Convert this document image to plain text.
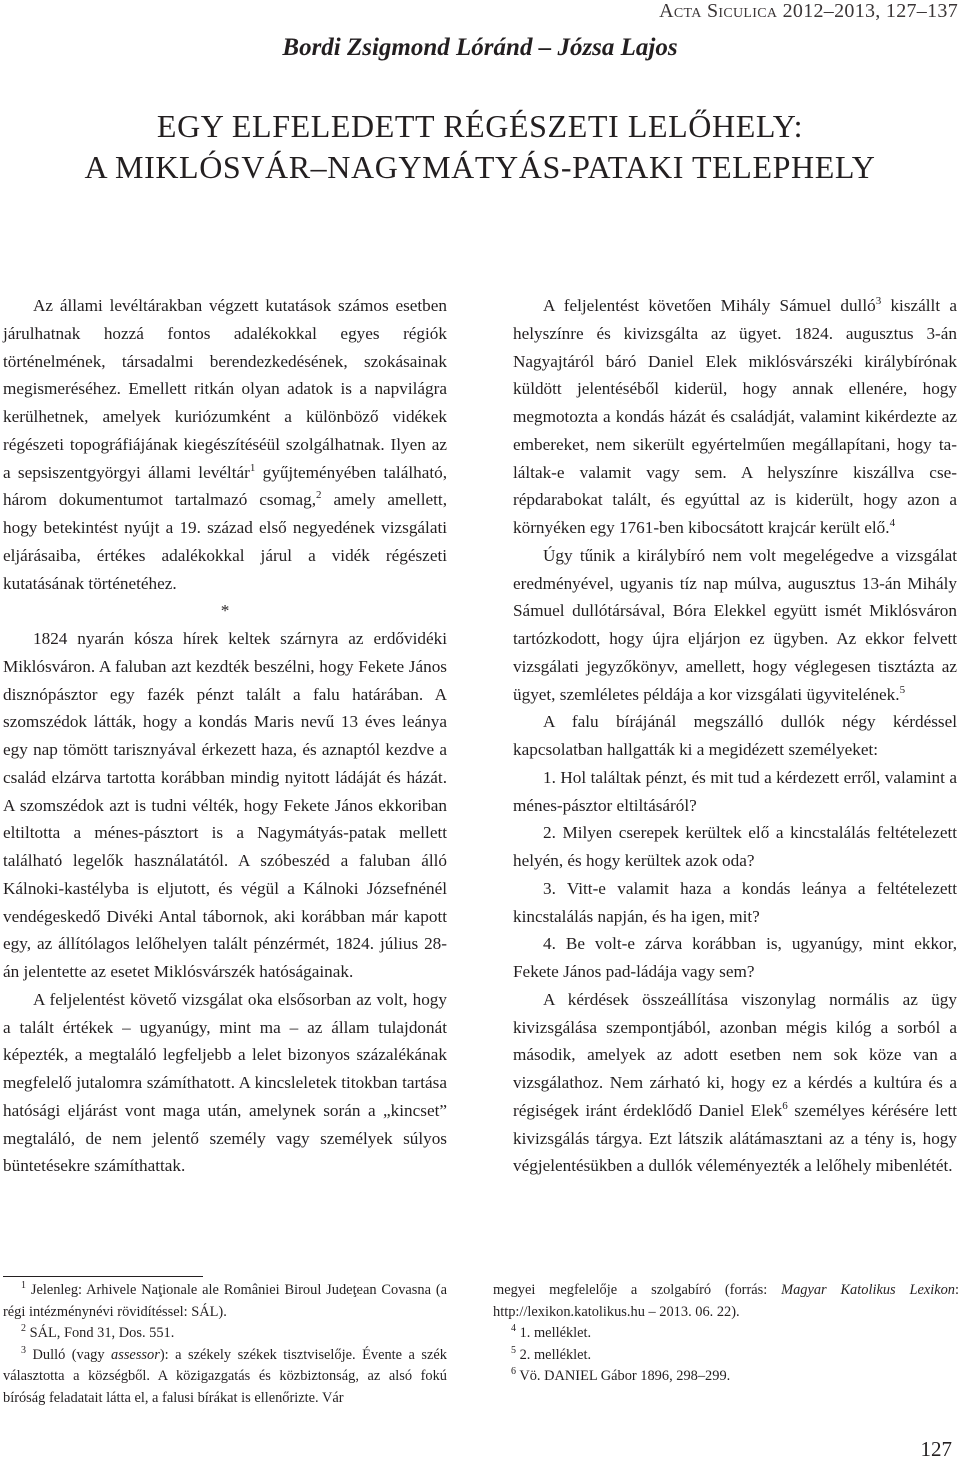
Acta Siculica 2012–2013, 127–137
Bordi Zsigmond Lóránd – Józsa Lajos
EGY ELFELEDETT RÉGÉSZETI LELŐHELY:
A MIKLÓSVÁR–NAGYMÁTYÁS-PATAKI TELEPHELY

Az állami levéltárakban végzett kutatások számos esetben járulhatnak hozzá fontos adalékokkal egyes régiók történelmének, társadalmi berendezkedésének, szokásainak megismeréséhez. Emellett ritkán olyan adatok is a napvilágra kerülhetnek, amelyek kuriózumként a különböző vidékek régészeti topográfiájának kiegészítéséül szolgálhatnak. Ilyen az a sepsiszentgyörgyi állami levéltár$^1$ gyűjteményében található, három dokumentumot tartalmazó csomag,$^2$ amely amellett, hogy betekintést nyújt a 19. század első negyedének vizsgálati eljárásaiba, értékes adalékokkal járul a vidék régészeti kutatásának történetéhez.

*

1824 nyarán kósza hírek keltek szárnyra az erdővidéki Miklósváron. A faluban azt kezdték beszélni, hogy Fekete János disznópásztor egy fazék pénzt talált a falu határában. A szomszédok látták, hogy a kondás Maris nevű 13 éves leánya egy nap tömött tarisznyával érkezett haza, és aznaptól kezdve a család elzárva tartotta korábban mindig nyitott ládáját és házát. A szomszédok azt is tudni vélték, hogy Fekete János ekkoriban eltiltotta a ménes-pásztort is a Nagymátyás-patak mellett található legelők használatától. A szóbeszéd a faluban álló Kálnoki-kastélyba is eljutott, és végül a Kálnoki Józsefnénél vendégeskedő Divéki Antal tábornok, aki korábban már kapott egy, az állítólagos lelőhelyen talált pénzérmét, 1824. július 28-án jelentette az esetet Miklósvárszék hatóságainak.

A feljelentést követő vizsgálat oka elsősorban az volt, hogy a talált értékek – ugyanúgy, mint ma – az állam tulajdonát képezték, a megtaláló legfeljebb a lelet bizonyos százalékának megfelelő jutalomra számíthatott. A kincsleletek titokban tartása hatósági eljárást vont maga után, amelynek során a „kincset” megtaláló, de nem jelentő személy vagy személyek súlyos büntetésekre számíthattak.

A feljelentést követően Mihály Sámuel dulló$^3$ kiszállt a helyszínre és kivizsgálta az ügyet. 1824. augusztus 3-án Nagyajtáról báró Daniel Elek miklósvárszéki királybírónak küldött jelentéséből kiderül, hogy annak ellenére, hogy megmotozta a kondás házát és családját, valamint kikérdezte az embereket, nem sikerült egyértelműen megállapítani, hogy találtak-e valamit vagy sem. A helyszínre kiszállva cserépdarabokat talált, és egyúttal az is kiderült, hogy azon a környéken egy 1761-ben kibocsátott krajcár került elő.$^4$

Úgy tűnik a királybíró nem volt megelégedve a vizsgálat eredményével, ugyanis tíz nap múlva, augusztus 13-án Mihály Sámuel dullótársával, Bóra Elekkel együtt ismét Miklósváron tartózkodott, hogy újra eljárjon ez ügyben. Az ekkor felvett vizsgálati jegyzőkönyv, amellett, hogy véglegesen tisztázta az ügyet, szemléletes példája a kor vizsgálati ügyvitelének.$^5$

A falu bírájánál megszálló dullók négy kérdéssel kapcsolatban hallgatták ki a megidézett személyeket:

1. Hol találtak pénzt, és mit tud a kérdezett erről, valamint a ménes-pásztor eltiltásáról?

2. Milyen cserepek kerültek elő a kincstalálás feltételezett helyén, és hogy kerültek azok oda?

3. Vitt-e valamit haza a kondás leánya a feltételezett kincstalálás napján, és ha igen, mit?

4. Be volt-e zárva korábban is, ugyanúgy, mint ekkor, Fekete János pad-ládája vagy sem?

A kérdések összeállítása viszonylag normális az ügy kivizsgálása szempontjából, azonban mégis kilóg a sorból a második, amelyek az adott esetben nem sok köze van a vizsgálathoz. Nem zárható ki, hogy ez a kérdés a kultúra és a régiségek iránt érdeklődő Daniel Elek$^6$ személyes kérésére lett kivizsgálás tárgya. Ezt látszik alátámasztani az a tény is, hogy végjelentésükben a dullók véleményezték a lelőhely mibenlétét.

$^1$ Jelenleg: Arhivele Naţionale ale României Biroul Judeţean Covasna (a régi intézménynévi rövidítéssel: SÁL).

$^2$ SÁL, Fond 31, Dos. 551.

$^3$ Dulló (vagy assessor): a székely székek tisztviselője. Évente a szék választotta a községből. A közigazgatás és közbiztonság, az alsó fokú bíróság feladatait látta el, a falusi bírákat is ellenőrizte. Vár

megyei megfelelője a szolgabíró (forrás: Magyar Katolikus Lexikon: http://lexikon.katolikus.hu – 2013. 06. 22).

$^4$ 1. melléklet.

$^5$ 2. melléklet.

$^6$ Vö. DANIEL Gábor 1896, 298–299.

127
